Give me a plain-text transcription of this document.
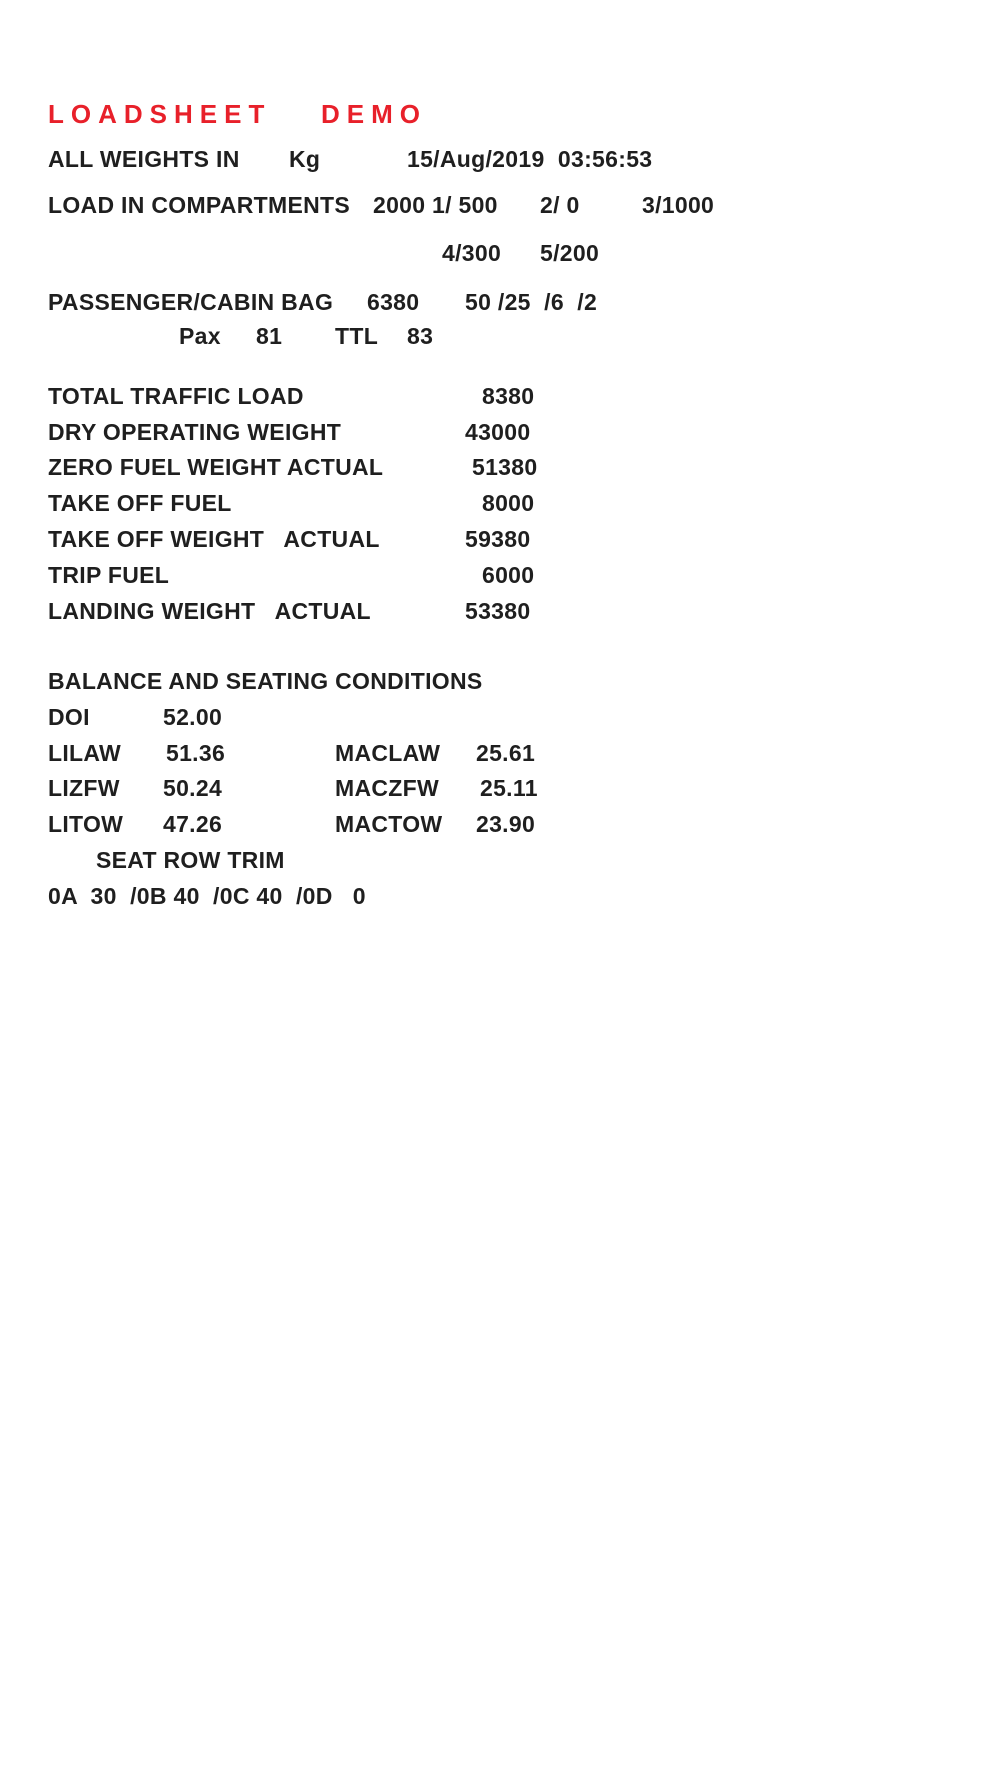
LOADSHEET DEMO
ALL WEIGHTS IN Kg	15/Aug/2019  03:56:53
LOAD IN COMPARTMENTS 2000 1/ 500 2/ 0	3/1000
4/300 5/200
PASSENGER/CABIN BAG 6380 50 /25  /6  /2
Pax 81 TTL 83
TOTAL TRAFFIC LOAD	8380
DRY OPERATING WEIGHT	43000
ZERO FUEL WEIGHT ACTUAL	51380
TAKE OFF FUEL	8000
TAKE OFF WEIGHT   ACTUAL	59380
TRIP FUEL	6000
LANDING WEIGHT   ACTUAL	53380
BALANCE AND SEATING CONDITIONS
DOI	52.00
LILAW 51.36	MACLAW 25.61
LIZFW 50.24	MACZFW 25.11
LITOW 47.26	MACTOW 23.90
SEAT ROW TRIM
0A  30  /0B 40  /0C 40  /0D   0
